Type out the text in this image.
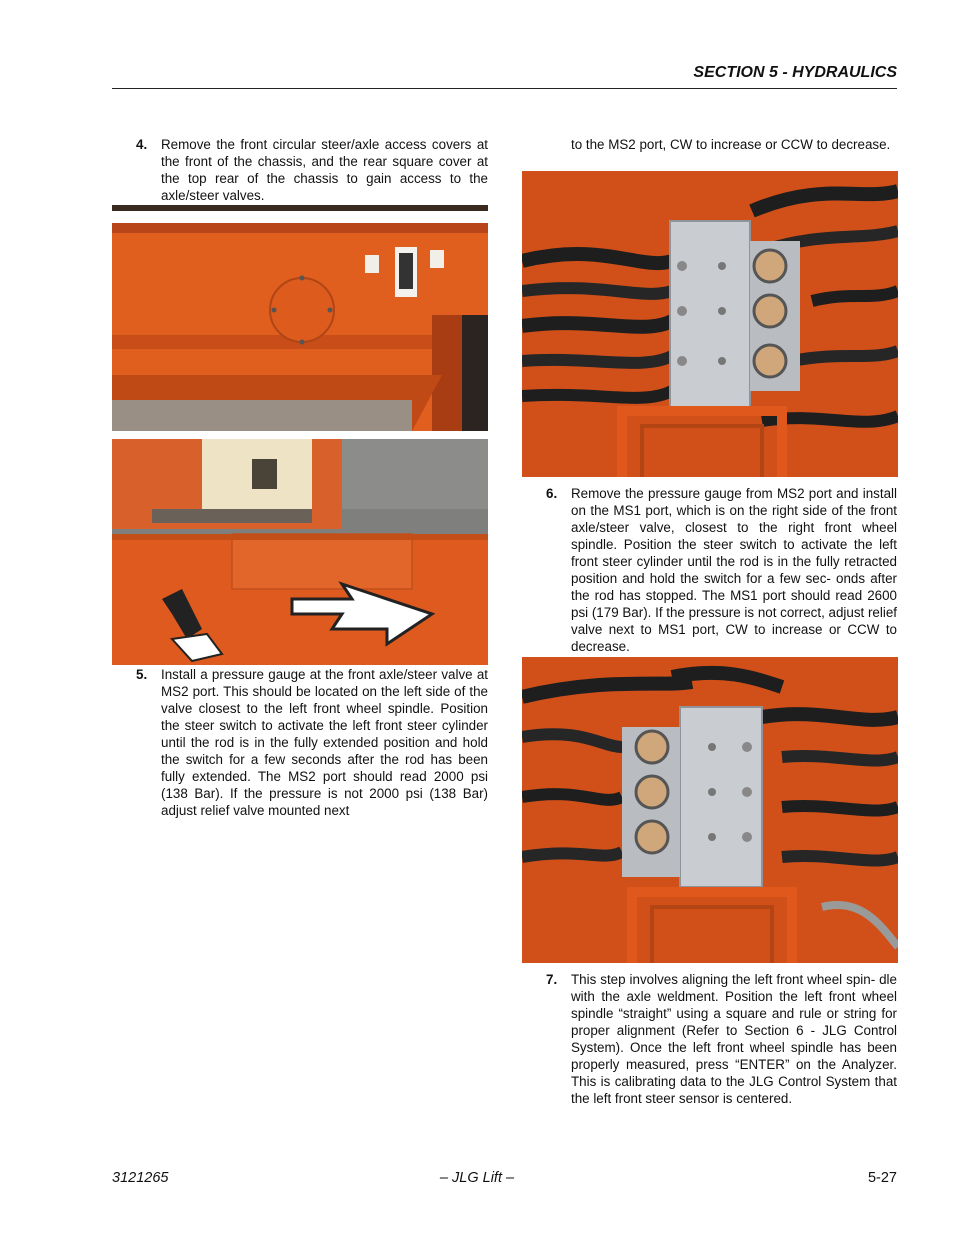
SECTION 5 - HYDRAULICS
4. Remove the front circular steer/axle access covers at the front of the chassis, and the rear square cover at the top rear of the chassis to gain access to the axle/steer valves.
5. Install a pressure gauge at the front axle/steer valve at MS2 port. This should be located on the left side of the valve closest to the left front wheel spindle. Position the steer switch to activate the left front steer cylinder until the rod is in the fully extended position and hold the switch for a few seconds after the rod has been fully extended. The MS2 port should read 2000 psi (138 Bar). If the pressure is not 2000 psi (138 Bar) adjust relief valve mounted next
to the MS2 port, CW to increase or CCW to decrease.
6. Remove the pressure gauge from MS2 port and install on the MS1 port, which is on the right side of the front axle/steer valve, closest to the right front wheel spindle. Position the steer switch to activate the left front steer cylinder until the rod is in the fully retracted position and hold the switch for a few sec- onds after the rod has stopped. The MS1 port should read 2600 psi (179 Bar). If the pressure is not correct, adjust relief valve next to MS1 port, CW to increase or CCW to decrease.
7. This step involves aligning the left front wheel spin- dle with the axle weldment. Position the left front wheel spindle “straight” using a square and rule or string for proper alignment (Refer to Section 6 - JLG Control System). Once the left front wheel spindle has been properly measured, press “ENTER” on the Analyzer. This is calibrating data to the JLG Control System that the left front steer sensor is centered.
3121265	– JLG Lift –	5-27
